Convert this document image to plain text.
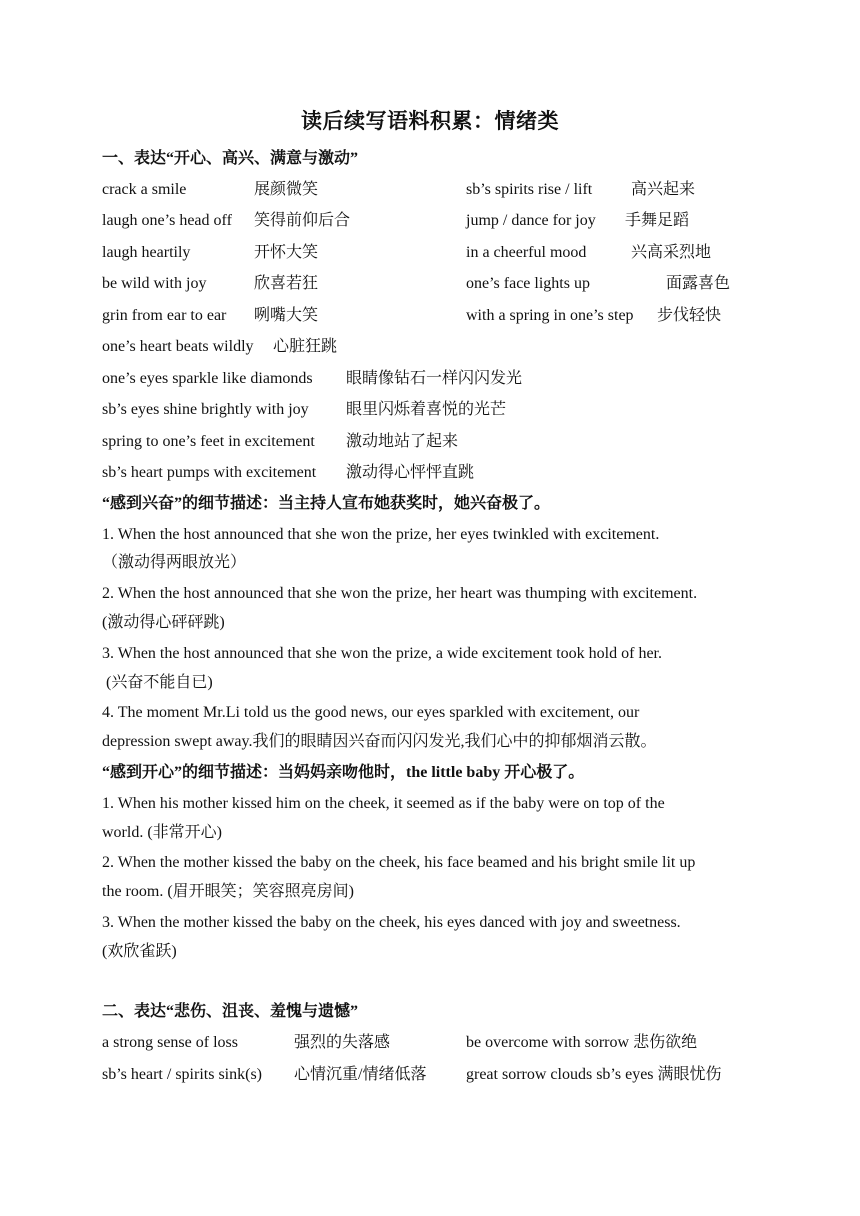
读后续写语料积累：情绪类
一、表达“开心、高兴、满意与激动”
crack a smile	展颜微笑	sb’s spirits rise / lift 高兴起来
laugh one’s head off 笑得前仰后合	jump / dance for joy 手舞足蹈
laugh heartily	开怀大笑	in a cheerful mood	兴高采烈地
be wild with joy	欣喜若狂	one’s face lights up	面露喜色
grin from ear to ear 咧嘴大笑	with a spring in one’s step 步伐轻快
one’s heart beats wildly 心脏狂跳
one’s eyes sparkle like diamonds 眼睛像钻石一样闪闪发光
sb’s eyes shine brightly with joy 眼里闪烁着喜悦的光芒
spring to one’s feet in excitement 激动地站了起来
sb’s heart pumps with excitement 激动得心怦怦直跳
“感到兴奋”的细节描述：当主持人宣布她获奖时，她兴奋极了。
1. When the host announced that she won the prize, her eyes twinkled with excitement.
（激动得两眼放光）
2. When the host announced that she won the prize, her heart was thumping with excitement.
(激动得心砰砰跳)
3. When the host announced that she won the prize, a wide excitement took hold of her.
(兴奋不能自已)
4. The moment Mr.Li told us the good news, our eyes sparkled with excitement, our
depression swept away.我们的眼睛因兴奋而闪闪发光,我们心中的抑郁烟消云散。
“感到开心”的细节描述：当妈妈亲吻他时，the little baby 开心极了。
1. When his mother kissed him on the cheek, it seemed as if the baby were on top of the
world. (非常开心)
2. When the mother kissed the baby on the cheek, his face beamed and his bright smile lit up
the room. (眉开眼笑；笑容照亮房间)
3. When the mother kissed the baby on the cheek, his eyes danced with joy and sweetness.
(欢欣雀跃)
二、表达“悲伤、沮丧、羞愧与遗憾”
a strong sense of loss	强烈的失落感	be overcome with sorrow 悲伤欲绝
sb’s heart / spirits sink(s) 心情沉重/情绪低落 great sorrow clouds sb’s eyes 满眼忧伤
